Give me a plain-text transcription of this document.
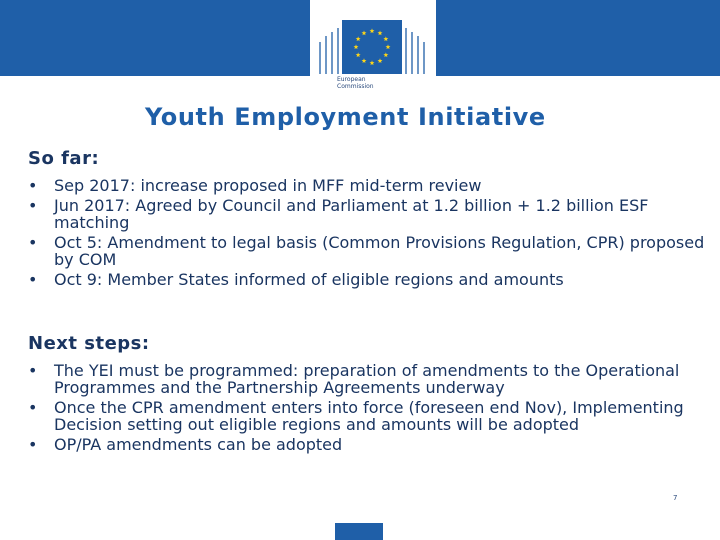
European
Commission
Youth Employment Initiative
So far:
• Sep 2017: increase proposed in MFF mid-term review
• Jun 2017: Agreed by Council and Parliament at 1.2 billion + 1.2 billion ESF matching
• Oct 5: Amendment to legal basis (Common Provisions Regulation, CPR) proposed by COM
• Oct 9: Member States informed of eligible regions and amounts
Next steps:
• The YEI must be programmed: preparation of amendments to the Operational Programmes and the Partnership Agreements underway
• Once the CPR amendment enters into force (foreseen end Nov), Implementing Decision setting out eligible regions and amounts will be adopted
• OP/PA amendments can be adopted
7
